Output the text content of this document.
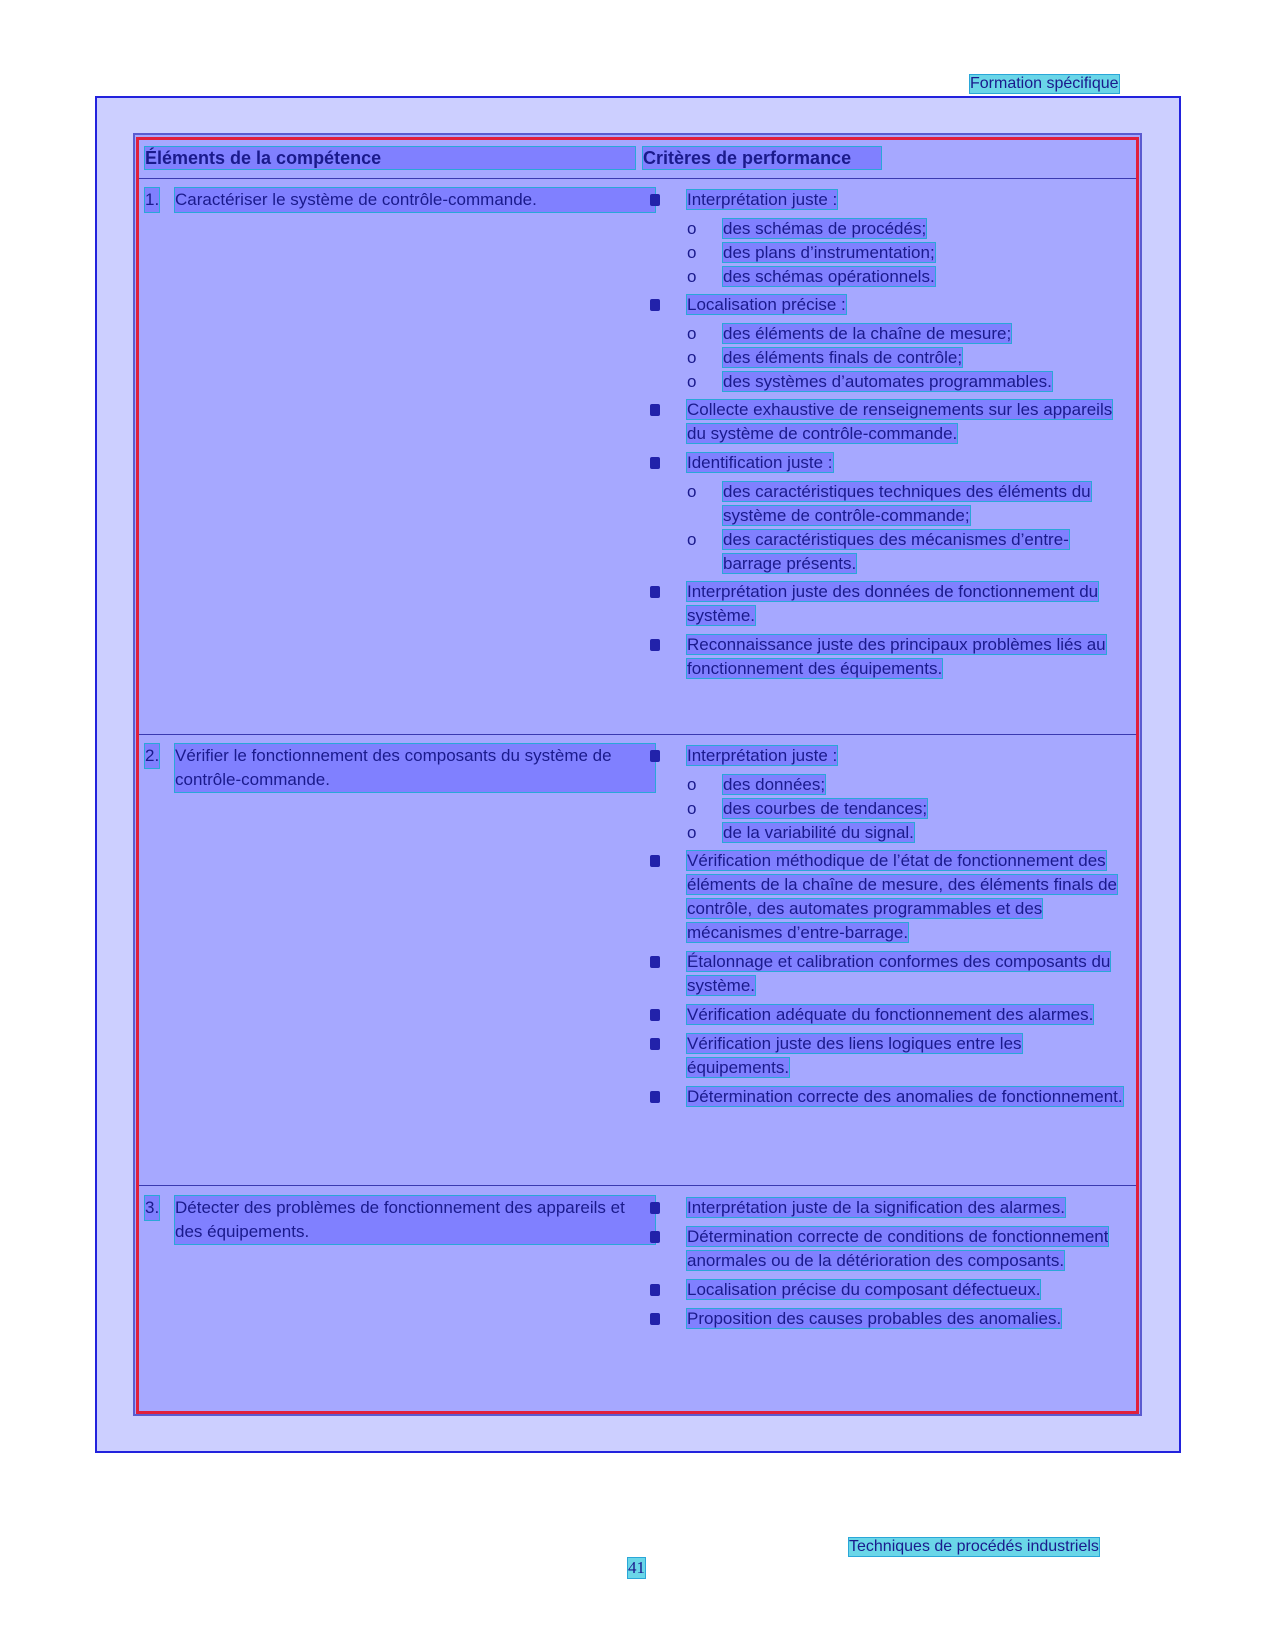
Formation spécifique
Éléments de la compétence	Critères de performance
1. Caractériser le système de contrôle-commande.	Interprétation juste :
o des schémas de procédés;
o des plans d’instrumentation;
o des schémas opérationnels.
Localisation précise :
o des éléments de la chaîne de mesure;
o des éléments finals de contrôle;
o des systèmes d’automates programmables.
Collecte exhaustive de renseignements sur les appareils du système de contrôle-commande.
Identification juste :
o des caractéristiques techniques des éléments du système de contrôle-commande;
o des caractéristiques des mécanismes d’entre-barrage présents.
Interprétation juste des données de fonctionnement du système.
Reconnaissance juste des principaux problèmes liés au fonctionnement des équipements.
2. Vérifier le fonctionnement des composants du système de contrôle-commande.
Interprétation juste :
o des données;
o des courbes de tendances;
o de la variabilité du signal.
Vérification méthodique de l’état de fonctionnement des éléments de la chaîne de mesure, des éléments finals de contrôle, des automates programmables et des mécanismes d’entre-barrage.
Étalonnage et calibration conformes des composants du système.
Vérification adéquate du fonctionnement des alarmes.
Vérification juste des liens logiques entre les équipements.
Détermination correcte des anomalies de fonctionnement.
3. Détecter des problèmes de fonctionnement des appareils et des équipements.
Interprétation juste de la signification des alarmes.
Détermination correcte de conditions de fonctionnement anormales ou de la détérioration des composants.
Localisation précise du composant défectueux.
Proposition des causes probables des anomalies.
Techniques de procédés industriels
41
